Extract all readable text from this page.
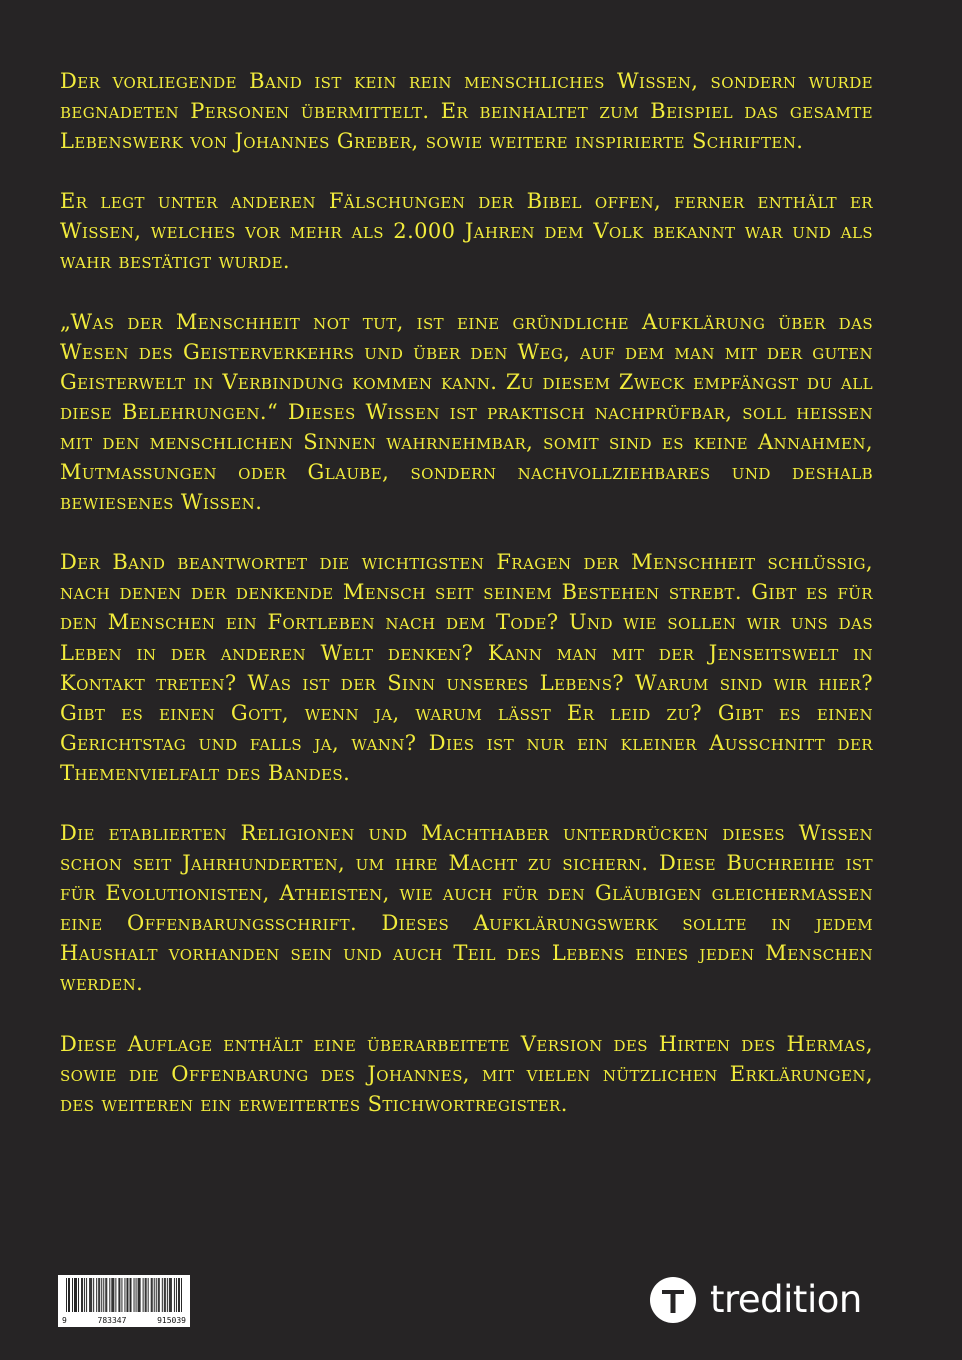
Der vorliegende Band ist kein rein menschliches Wissen, sondern wurde begnadeten Personen übermittelt. Er beinhaltet zum Beispiel das gesamte Lebenswerk von Johannes Greber, sowie weitere inspirierte Schriften.

Er legt unter anderen Fälschungen der Bibel offen, ferner enthält er Wissen, welches vor mehr als 2.000 Jahren dem Volk bekannt war und als wahr bestätigt wurde.

„Was der Menschheit not tut, ist eine gründliche Aufklärung über das Wesen des Geisterverkehrs und über den Weg, auf dem man mit der guten Geisterwelt in Verbindung kommen kann. Zu diesem Zweck empfängst du all diese Belehrungen.“ Dieses Wissen ist praktisch nachprüfbar, soll heißen mit den menschlichen Sinnen wahrnehmbar, somit sind es keine Annahmen, Mutmaßungen oder Glaube, sondern nachvollziehbares und deshalb bewiesenes Wissen.

Der Band beantwortet die wichtigsten Fragen der Menschheit schlüssig, nach denen der denkende Mensch seit seinem Bestehen strebt. Gibt es für den Menschen ein Fortleben nach dem Tode? Und wie sollen wir uns das Leben in der anderen Welt denken? Kann man mit der Jenseitswelt in Kontakt treten? Was ist der Sinn unseres Lebens? Warum sind wir hier? Gibt es einen Gott, wenn ja, warum lässt Er leid zu? Gibt es einen Gerichtstag und falls ja, wann? Dies ist nur ein kleiner Ausschnitt der Themenvielfalt des Bandes.

Die etablierten Religionen und Machthaber unterdrücken dieses Wissen schon seit Jahrhunderten, um ihre Macht zu sichern. Diese Buchreihe ist für Evolutionisten, Atheisten, wie auch für den Gläubigen gleichermaßen eine Offenbarungsschrift. Dieses Aufklärungswerk sollte in jedem Haushalt vorhanden sein und auch Teil des Lebens eines jeden Menschen werden.

Diese Auflage enthält eine überarbeitete Version des Hirten des Hermas, sowie die Offenbarung des Johannes, mit vielen nützlichen Erklärungen, des weiteren ein erweitertes Stichwortregister.

9	783347	915039	tredition
